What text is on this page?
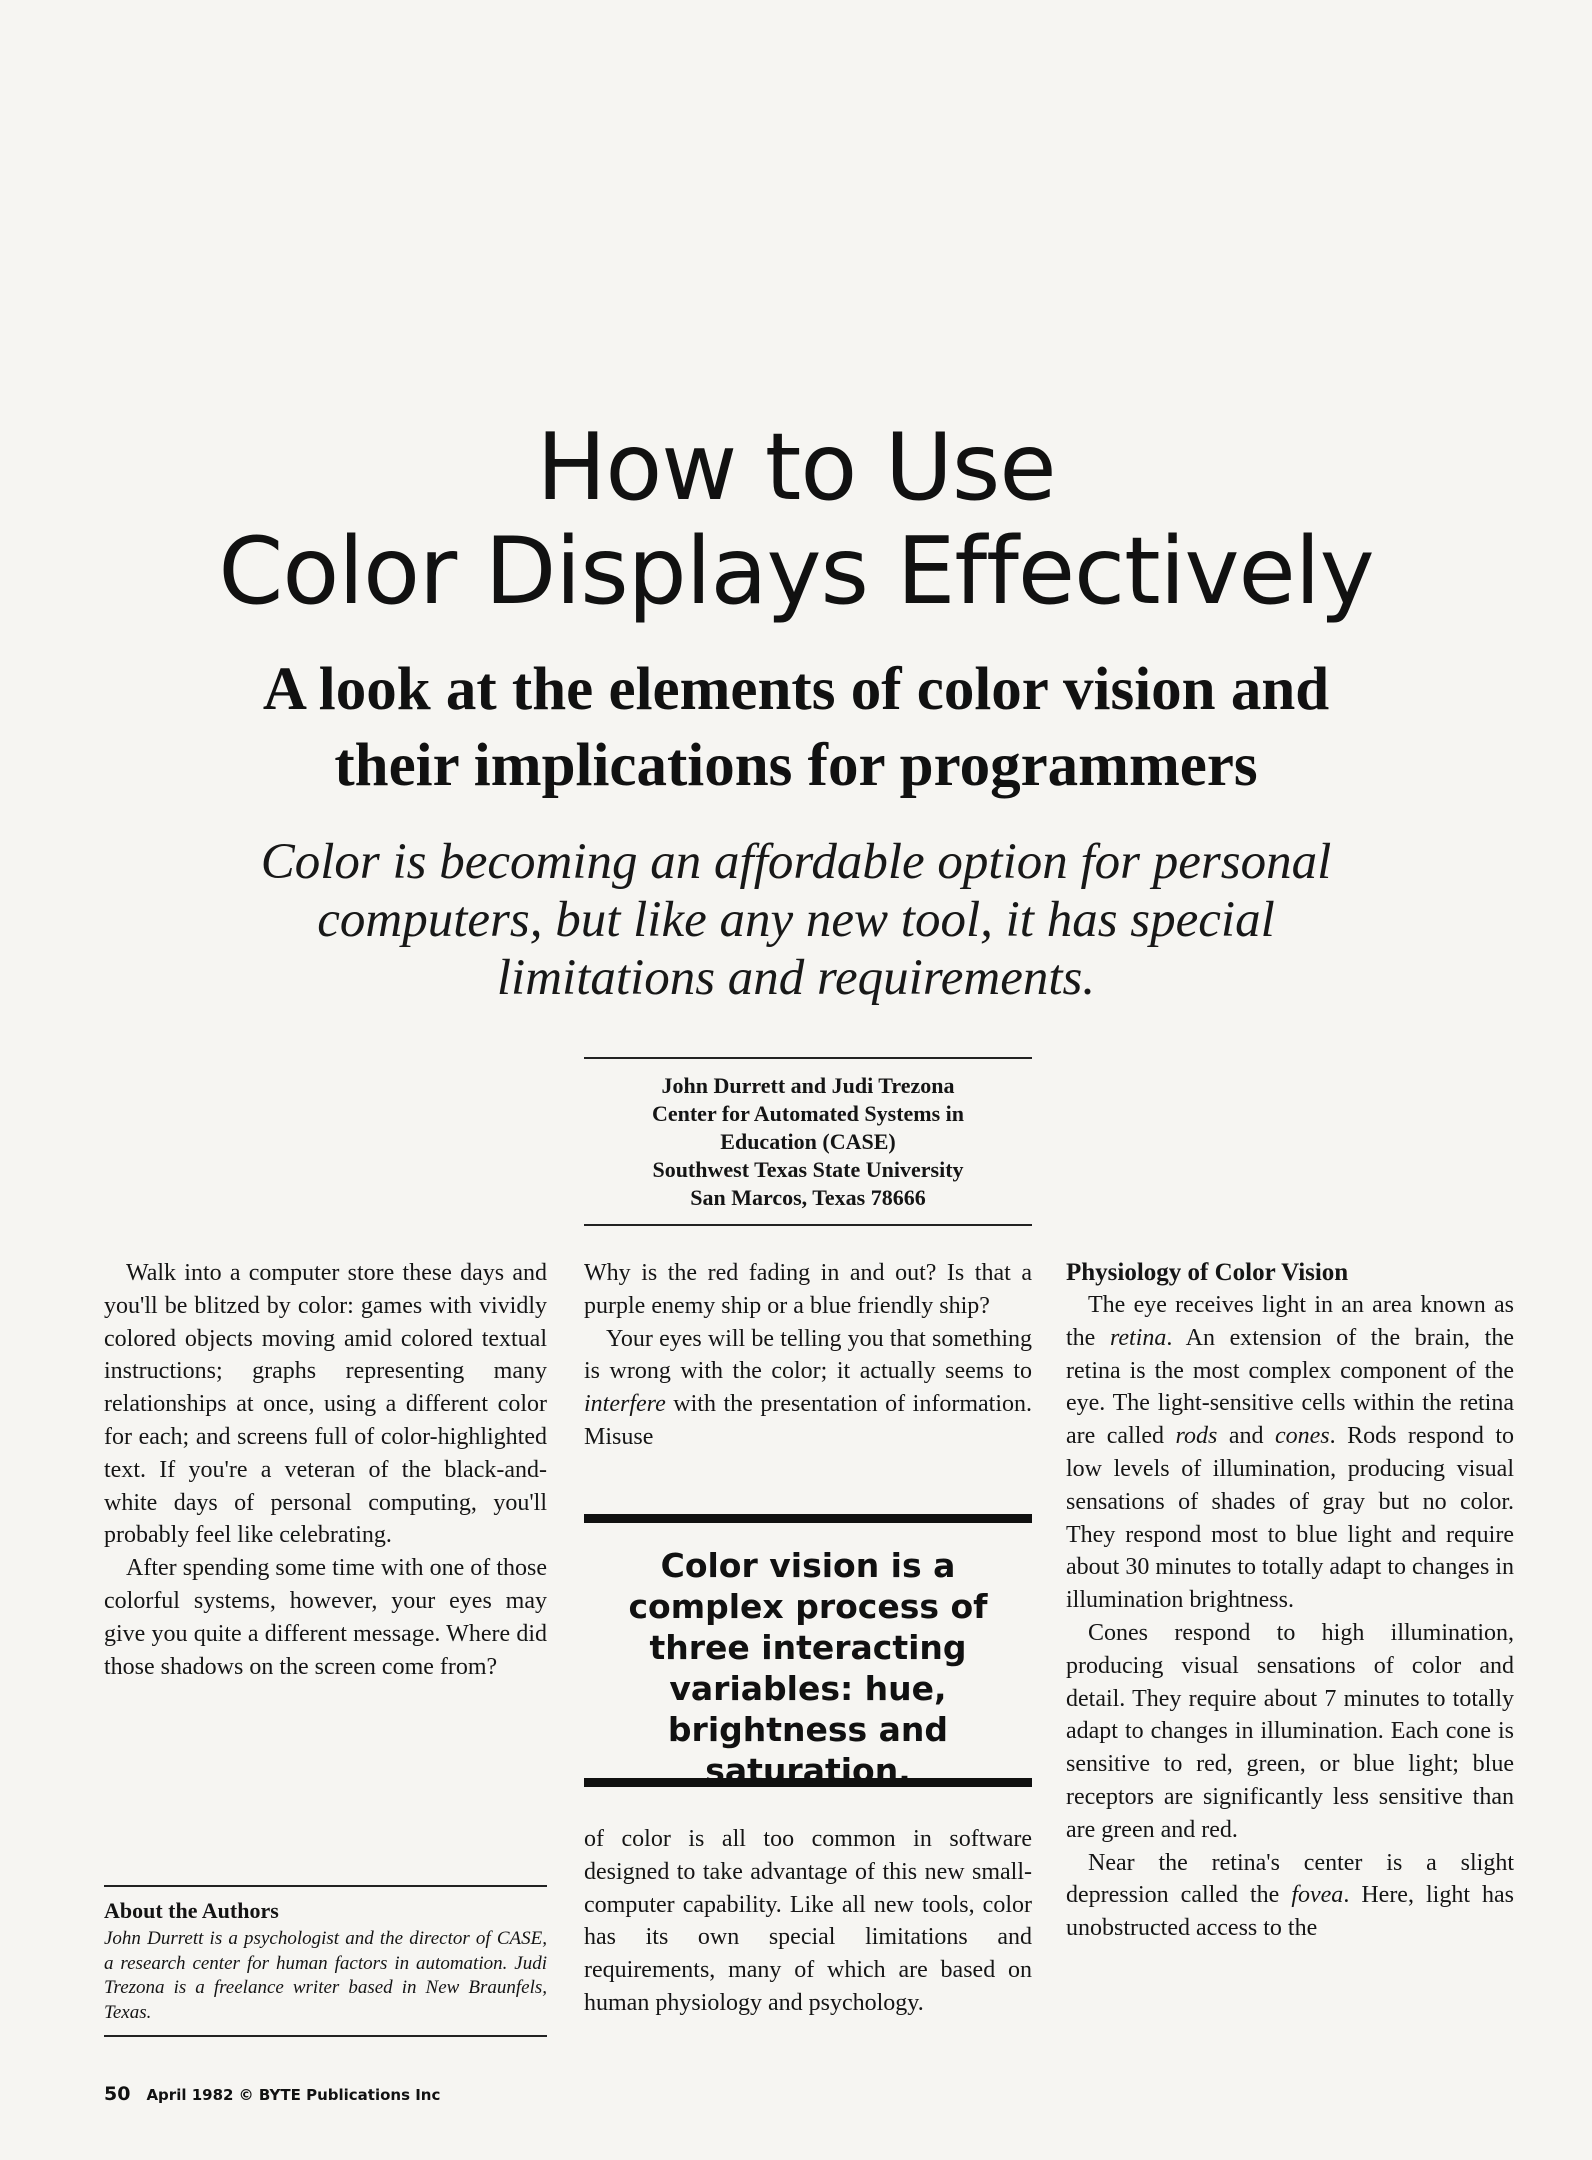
How to Use
Color Displays Effectively
A look at the elements of color vision and
their implications for programmers
Color is becoming an affordable option for personal
computers, but like any new tool, it has special
limitations and requirements.
John Durrett and Judi Trezona
Center for Automated Systems in
Education (CASE)
Southwest Texas State University
San Marcos, Texas 78666

Walk into a computer store these days and you'll be blitzed by color: games with vividly colored objects moving amid colored textual instructions; graphs representing many relationships at once, using a different color for each; and screens full of color-highlighted text. If you're a veteran of the black-and-white days of personal computing, you'll probably feel like celebrating.

After spending some time with one of those colorful systems, however, your eyes may give you quite a different message. Where did those shadows on the screen come from?

Why is the red fading in and out? Is that a purple enemy ship or a blue friendly ship?

Your eyes will be telling you that something is wrong with the color; it actually seems to interfere with the presentation of information. Misuse

Color vision is a
complex process of
three interacting
variables: hue,
brightness and
saturation.

of color is all too common in software designed to take advantage of this new small-computer capability. Like all new tools, color has its own special limitations and requirements, many of which are based on human physiology and psychology.

Physiology of Color Vision

The eye receives light in an area known as the retina. An extension of the brain, the retina is the most complex component of the eye. The light-sensitive cells within the retina are called rods and cones. Rods respond to low levels of illumination, producing visual sensations of shades of gray but no color. They respond most to blue light and require about 30 minutes to totally adapt to changes in illumination brightness.

Cones respond to high illumination, producing visual sensations of color and detail. They require about 7 minutes to totally adapt to changes in illumination. Each cone is sensitive to red, green, or blue light; blue receptors are significantly less sensitive than are green and red.

Near the retina's center is a slight depression called the fovea. Here, light has unobstructed access to the

About the Authors

John Durrett is a psychologist and the director of CASE, a research center for human factors in automation. Judi Trezona is a freelance writer based in New Braunfels, Texas.

50 April 1982 © BYTE Publications Inc
